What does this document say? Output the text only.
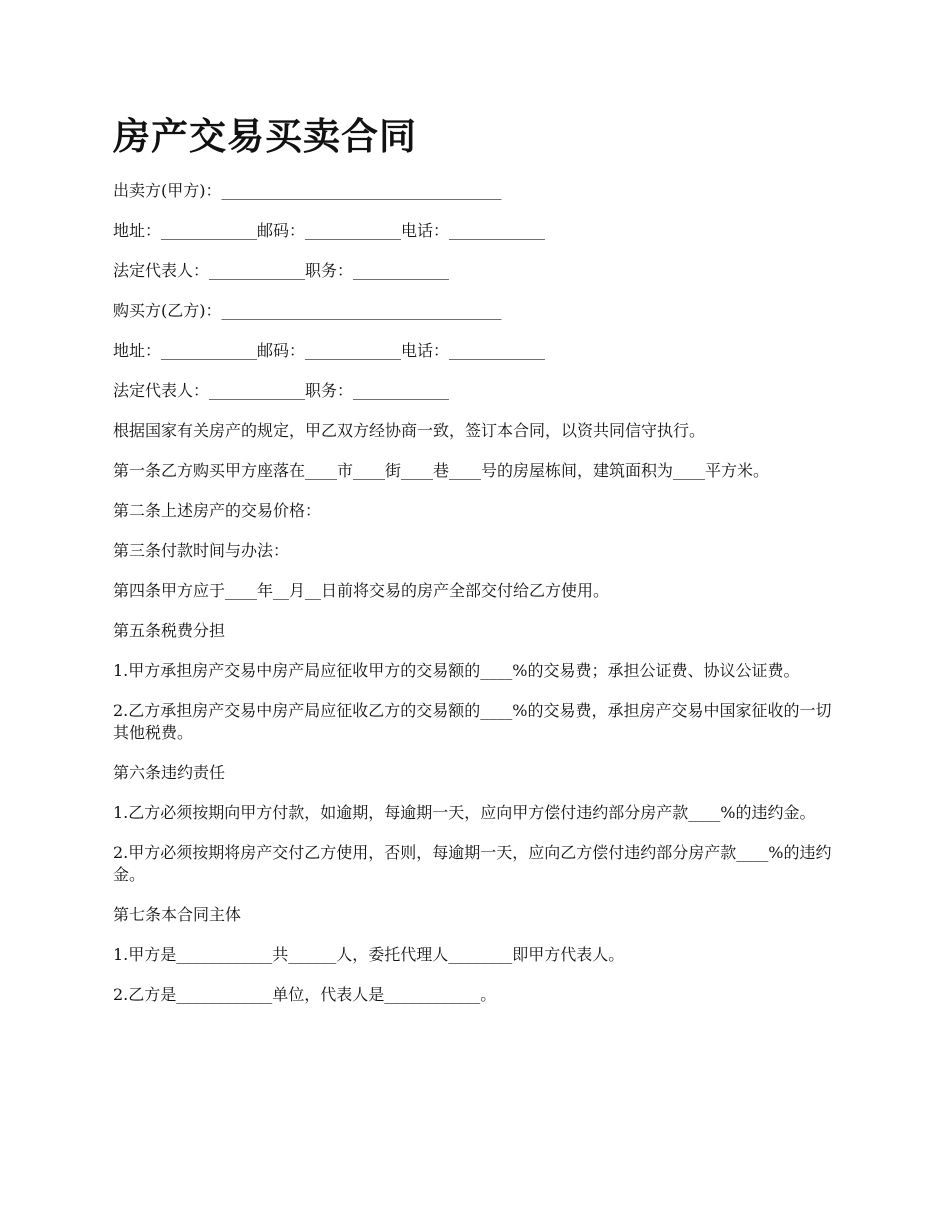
房产交易买卖合同

出卖方(甲方)：___________________________________

地址：____________邮码：____________电话：____________

法定代表人：____________职务：____________

购买方(乙方)：___________________________________

地址：____________邮码：____________电话：____________

法定代表人：____________职务：____________

根据国家有关房产的规定，甲乙双方经协商一致，签订本合同，以资共同信守执行。

第一条乙方购买甲方座落在____市____街____巷____号的房屋栋间，建筑面积为____平方米。

第二条上述房产的交易价格：

第三条付款时间与办法：

第四条甲方应于____年__月__日前将交易的房产全部交付给乙方使用。

第五条税费分担

1.甲方承担房产交易中房产局应征收甲方的交易额的____%的交易费；承担公证费、协议公证费。

2.乙方承担房产交易中房产局应征收乙方的交易额的____%的交易费，承担房产交易中国家征收的一切其他税费。

第六条违约责任

1.乙方必须按期向甲方付款，如逾期，每逾期一天，应向甲方偿付违约部分房产款____%的违约金。

2.甲方必须按期将房产交付乙方使用，否则，每逾期一天，应向乙方偿付违约部分房产款____%的违约金。

第七条本合同主体

1.甲方是____________共______人，委托代理人________即甲方代表人。

2.乙方是____________单位，代表人是____________。
